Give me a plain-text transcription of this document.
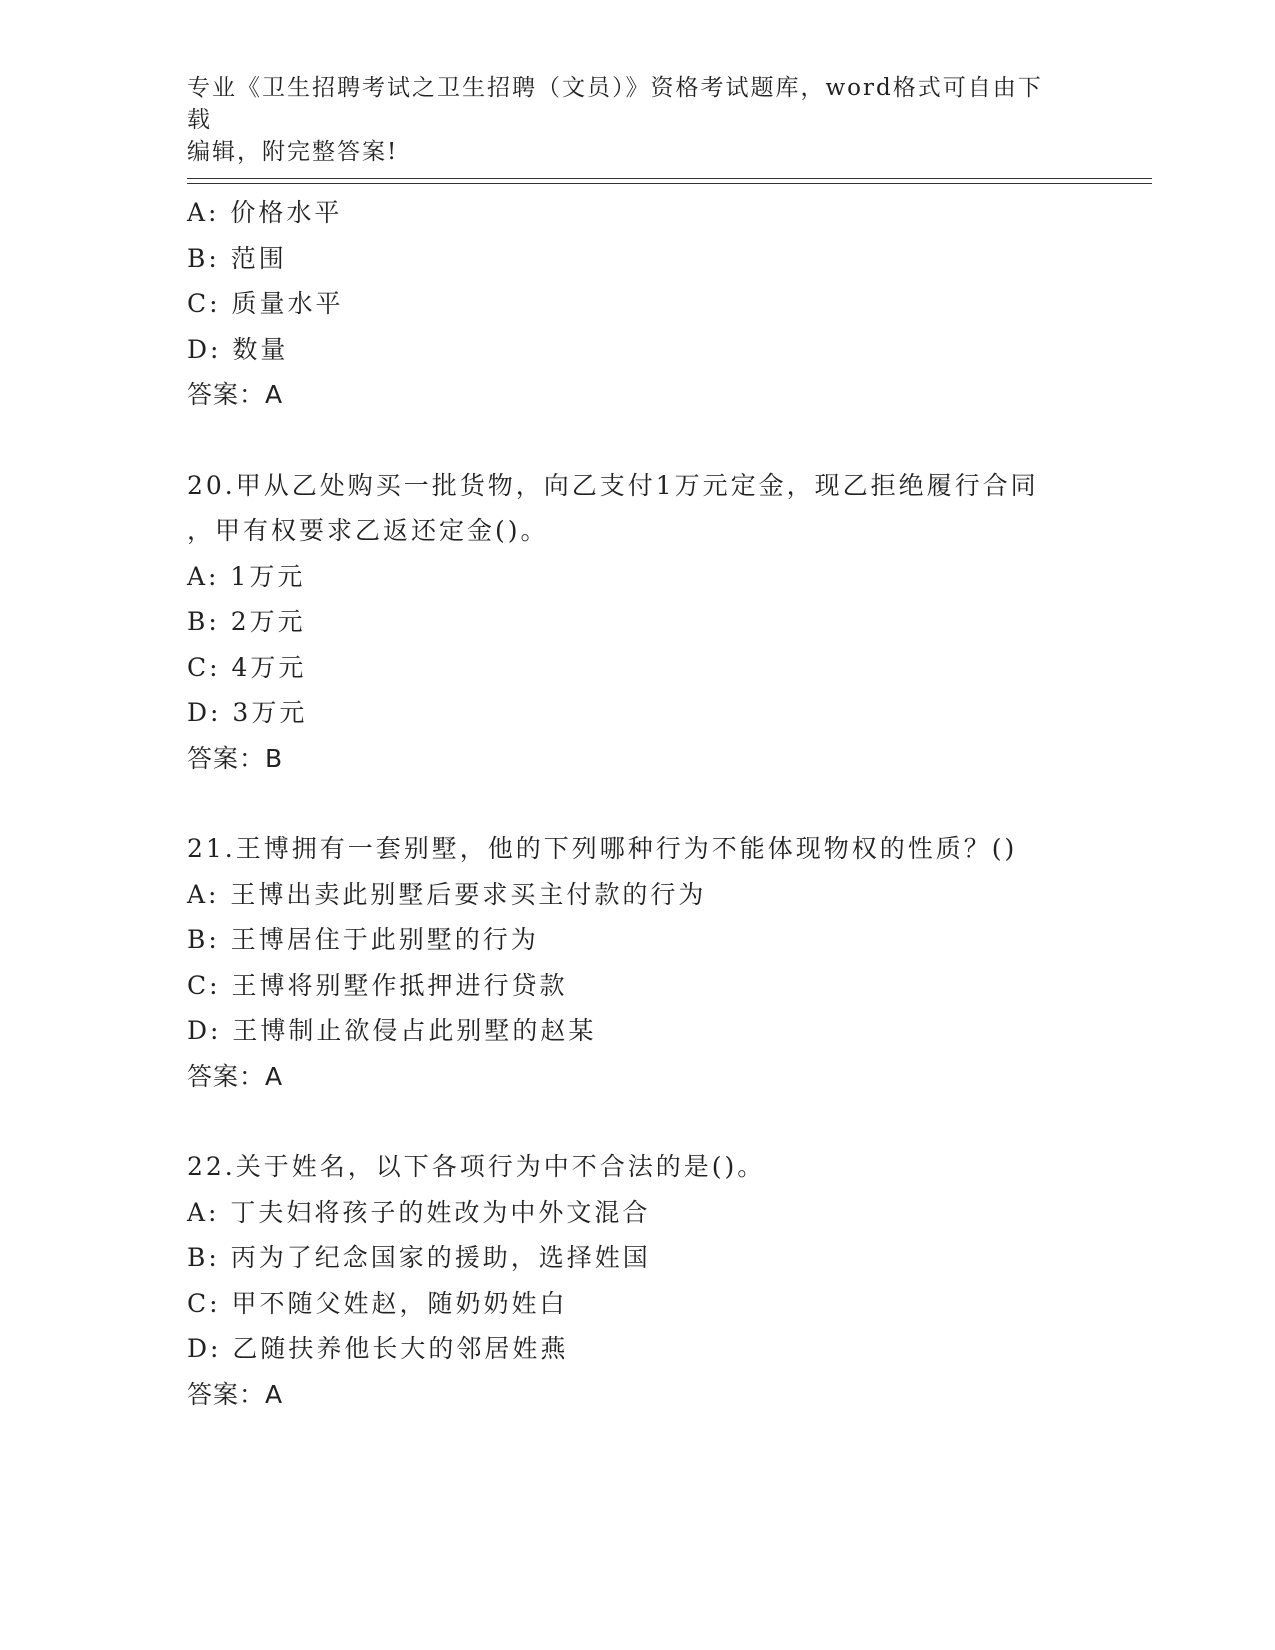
专业《卫生招聘考试之卫生招聘（文员）》资格考试题库，word格式可自由下载
编辑，附完整答案!
A: 价格水平
B: 范围
C: 质量水平
D: 数量
答案：A
20.甲从乙处购买一批货物，向乙支付1万元定金，现乙拒绝履行合同
，甲有权要求乙返还定金()。
A: 1万元
B: 2万元
C: 4万元
D: 3万元
答案：B
21.王博拥有一套别墅，他的下列哪种行为不能体现物权的性质？()
A: 王博出卖此别墅后要求买主付款的行为
B: 王博居住于此别墅的行为
C: 王博将别墅作抵押进行贷款
D: 王博制止欲侵占此别墅的赵某
答案：A
22.关于姓名，以下各项行为中不合法的是()。
A: 丁夫妇将孩子的姓改为中外文混合
B: 丙为了纪念国家的援助，选择姓国
C: 甲不随父姓赵，随奶奶姓白
D: 乙随扶养他长大的邻居姓燕
答案：A
